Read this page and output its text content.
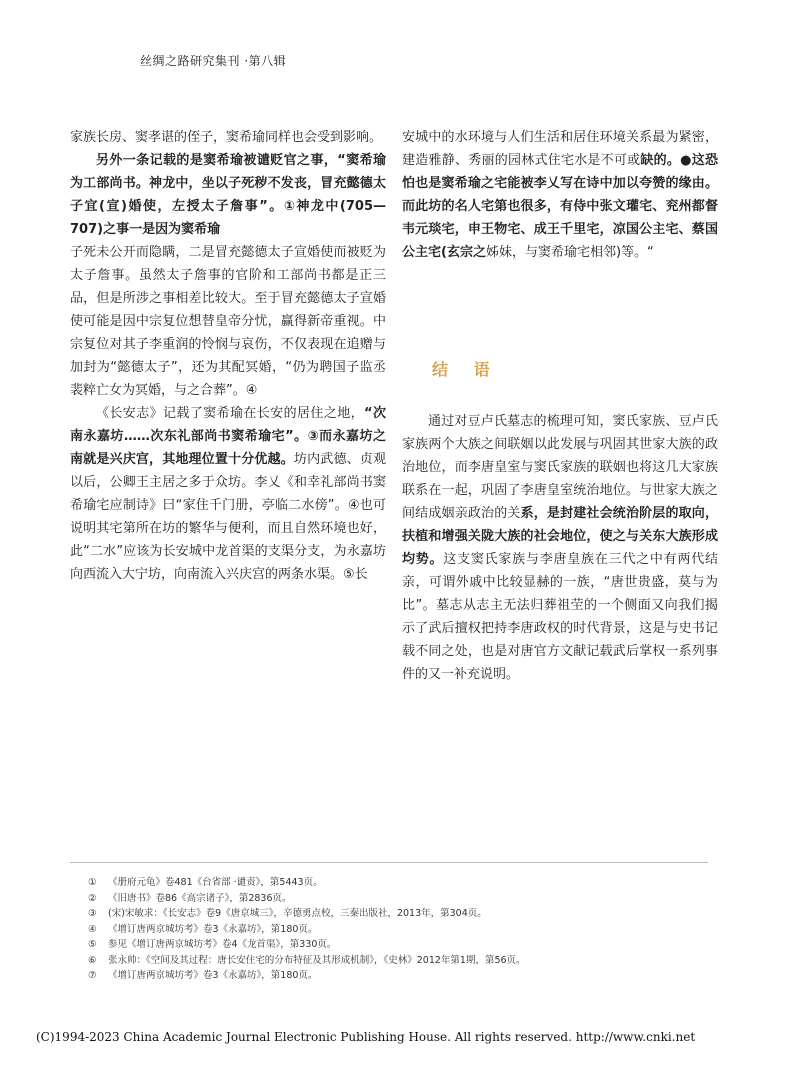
丝绸之路研究集刊 ·第八辑

家族长房、窦孝谌的侄子，窦希瑜同样也会受到影响。

另外一条记载的是窦希瑜被谴贬官之事，“窦希瑜为工部尚书。神龙中，坐以子死秽不发丧，冒充懿德太子宜(宣)婚使，左授太子詹事”。①神龙中(705—707)之事一是因为窦希瑜

子死未公开而隐瞒，二是冒充懿德太子宣婚使而被贬为太子詹事。虽然太子詹事的官阶和工部尚书都是正三品，但是所涉之事相差比较大。至于冒充懿德太子宣婚使可能是因中宗复位想替皇帝分忧，赢得新帝重视。中宗复位对其子李重润的怜悯与哀伤，不仅表现在追赠与加封为“懿德太子”，还为其配冥婚，“仍为聘国子监丞裴粹亡女为冥婚，与之合葬”。④

《长安志》记载了窦希瑜在长安的居住之地，“次南永嘉坊……次东礼部尚书窦希瑜宅”。③而永嘉坊之南就是兴庆宫，其地理位置十分优越。坊内武德、贞观以后，公卿王主居之多于众坊。李乂《和幸礼部尚书窦希瑜宅应制诗》曰“家住千门册，亭临二水傍”。④也可说明其宅第所在坊的繁华与便利，而且自然环境也好，此“二水”应该为长安城中龙首渠的支渠分支，为永嘉坊向西流入大宁坊，向南流入兴庆宫的两条水渠。⑤长

安城中的水环境与人们生活和居住环境关系最为紧密，建造雅静、秀丽的园林式住宅水是不可或缺的。●这恐怕也是窦希瑜之宅能被李乂写在诗中加以夸赞的缘由。而此坊的名人宅第也很多，有侍中张文瓘宅、兖州都督韦元琰宅，申王物宅、成王千里宅，凉国公主宅、蔡国公主宅(玄宗之姊妹，与窦希瑜宅相邻)等。“

结 语

通过对豆卢氏墓志的梳理可知，窦氏家族、豆卢氏家族两个大族之间联姻以此发展与巩固其世家大族的政治地位，而李唐皇室与窦氏家族的联姻也将这几大家族联系在一起，巩固了李唐皇室统治地位。与世家大族之间结成姻亲政治的关系，是封建社会统治阶层的取向，扶植和增强关陇大族的社会地位，使之与关东大族形成均势。这支窦氏家族与李唐皇族在三代之中有两代结亲，可谓外戚中比较显赫的一族，“唐世贵盛，莫与为比”。墓志从志主无法归葬祖茔的一个侧面又向我们揭示了武后擅权把持李唐政权的时代背景，这是与史书记载不同之处，也是对唐官方文献记载武后掌权一系列事件的又一补充说明。

①	《册府元龟》卷481《台省部 ·谴责》，第5443页。
②	《旧唐书》卷86《高宗诸子》，第2836页。
③	(宋)宋敏求：《长安志》卷9《唐京城三》，辛德勇点校，三秦出版社，2013年，第304页。
④	《增订唐两京城坊考》卷3《永嘉坊》，第180页。
⑤	参见《增订唐两京城坊考》卷4《龙首渠》，第330页。
⑥	张永帅：《空间及其过程：唐长安住宅的分布特征及其形成机制》，《史林》2012年第1期，第56页。
⑦	《增订唐两京城坊考》卷3《永嘉坊》，第180页。
(C)1994-2023 China Academic Journal Electronic Publishing House. All rights reserved. http://www.cnki.net
